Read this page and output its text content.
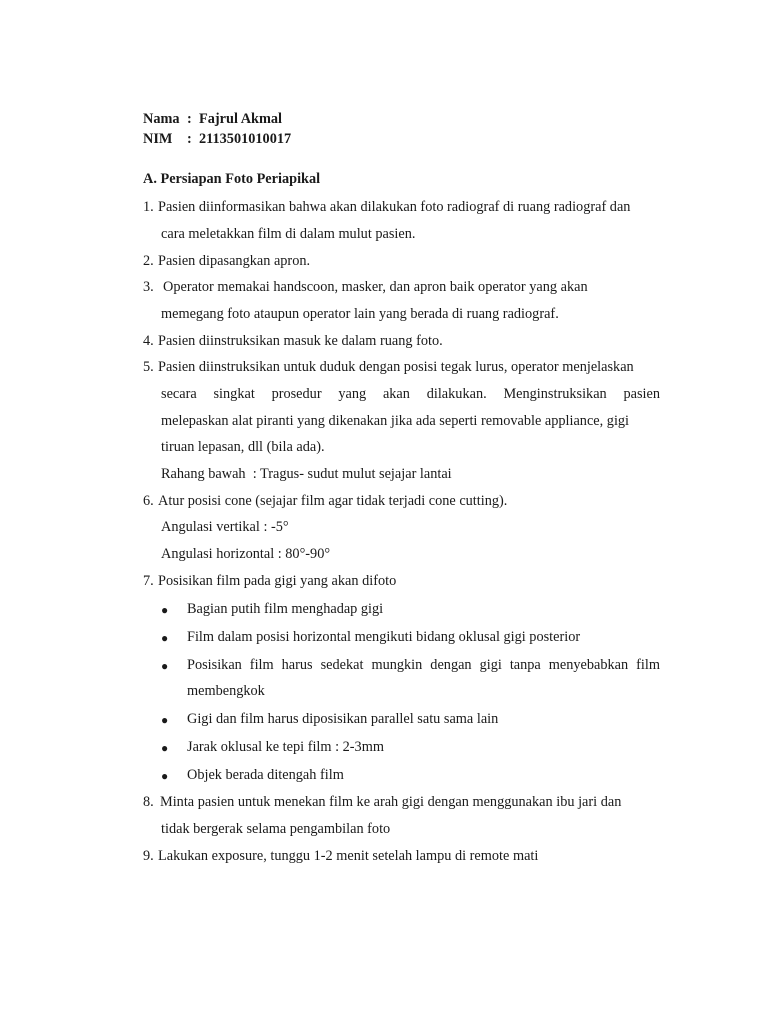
Nama : Fajrul Akmal
NIM : 2113501010017
A. Persiapan Foto Periapikal
1. Pasien diinformasikan bahwa akan dilakukan foto radiograf di ruang radiograf dan
cara meletakkan film di dalam mulut pasien.
2. Pasien dipasangkan apron.
3. Operator memakai handscoon, masker, dan apron baik operator yang akan
memegang foto ataupun operator lain yang berada di ruang radiograf.
4. Pasien diinstruksikan masuk ke dalam ruang foto.
5. Pasien diinstruksikan untuk duduk dengan posisi tegak lurus, operator menjelaskan
secara singkat prosedur yang akan dilakukan. Menginstruksikan pasien
melepaskan alat piranti yang dikenakan jika ada seperti removable appliance, gigi
tiruan lepasan, dll (bila ada).
Rahang bawah  : Tragus- sudut mulut sejajar lantai
6. Atur posisi cone (sejajar film agar tidak terjadi cone cutting).
Angulasi vertikal : -5°
Angulasi horizontal : 80°-90°
7. Posisikan film pada gigi yang akan difoto
● Bagian putih film menghadap gigi
● Film dalam posisi horizontal mengikuti bidang oklusal gigi posterior
● Posisikan film harus sedekat mungkin dengan gigi tanpa menyebabkan film
membengkok
● Gigi dan film harus diposisikan parallel satu sama lain
● Jarak oklusal ke tepi film : 2-3mm
● Objek berada ditengah film
8. Minta pasien untuk menekan film ke arah gigi dengan menggunakan ibu jari dan
tidak bergerak selama pengambilan foto
9. Lakukan exposure, tunggu 1-2 menit setelah lampu di remote mati
